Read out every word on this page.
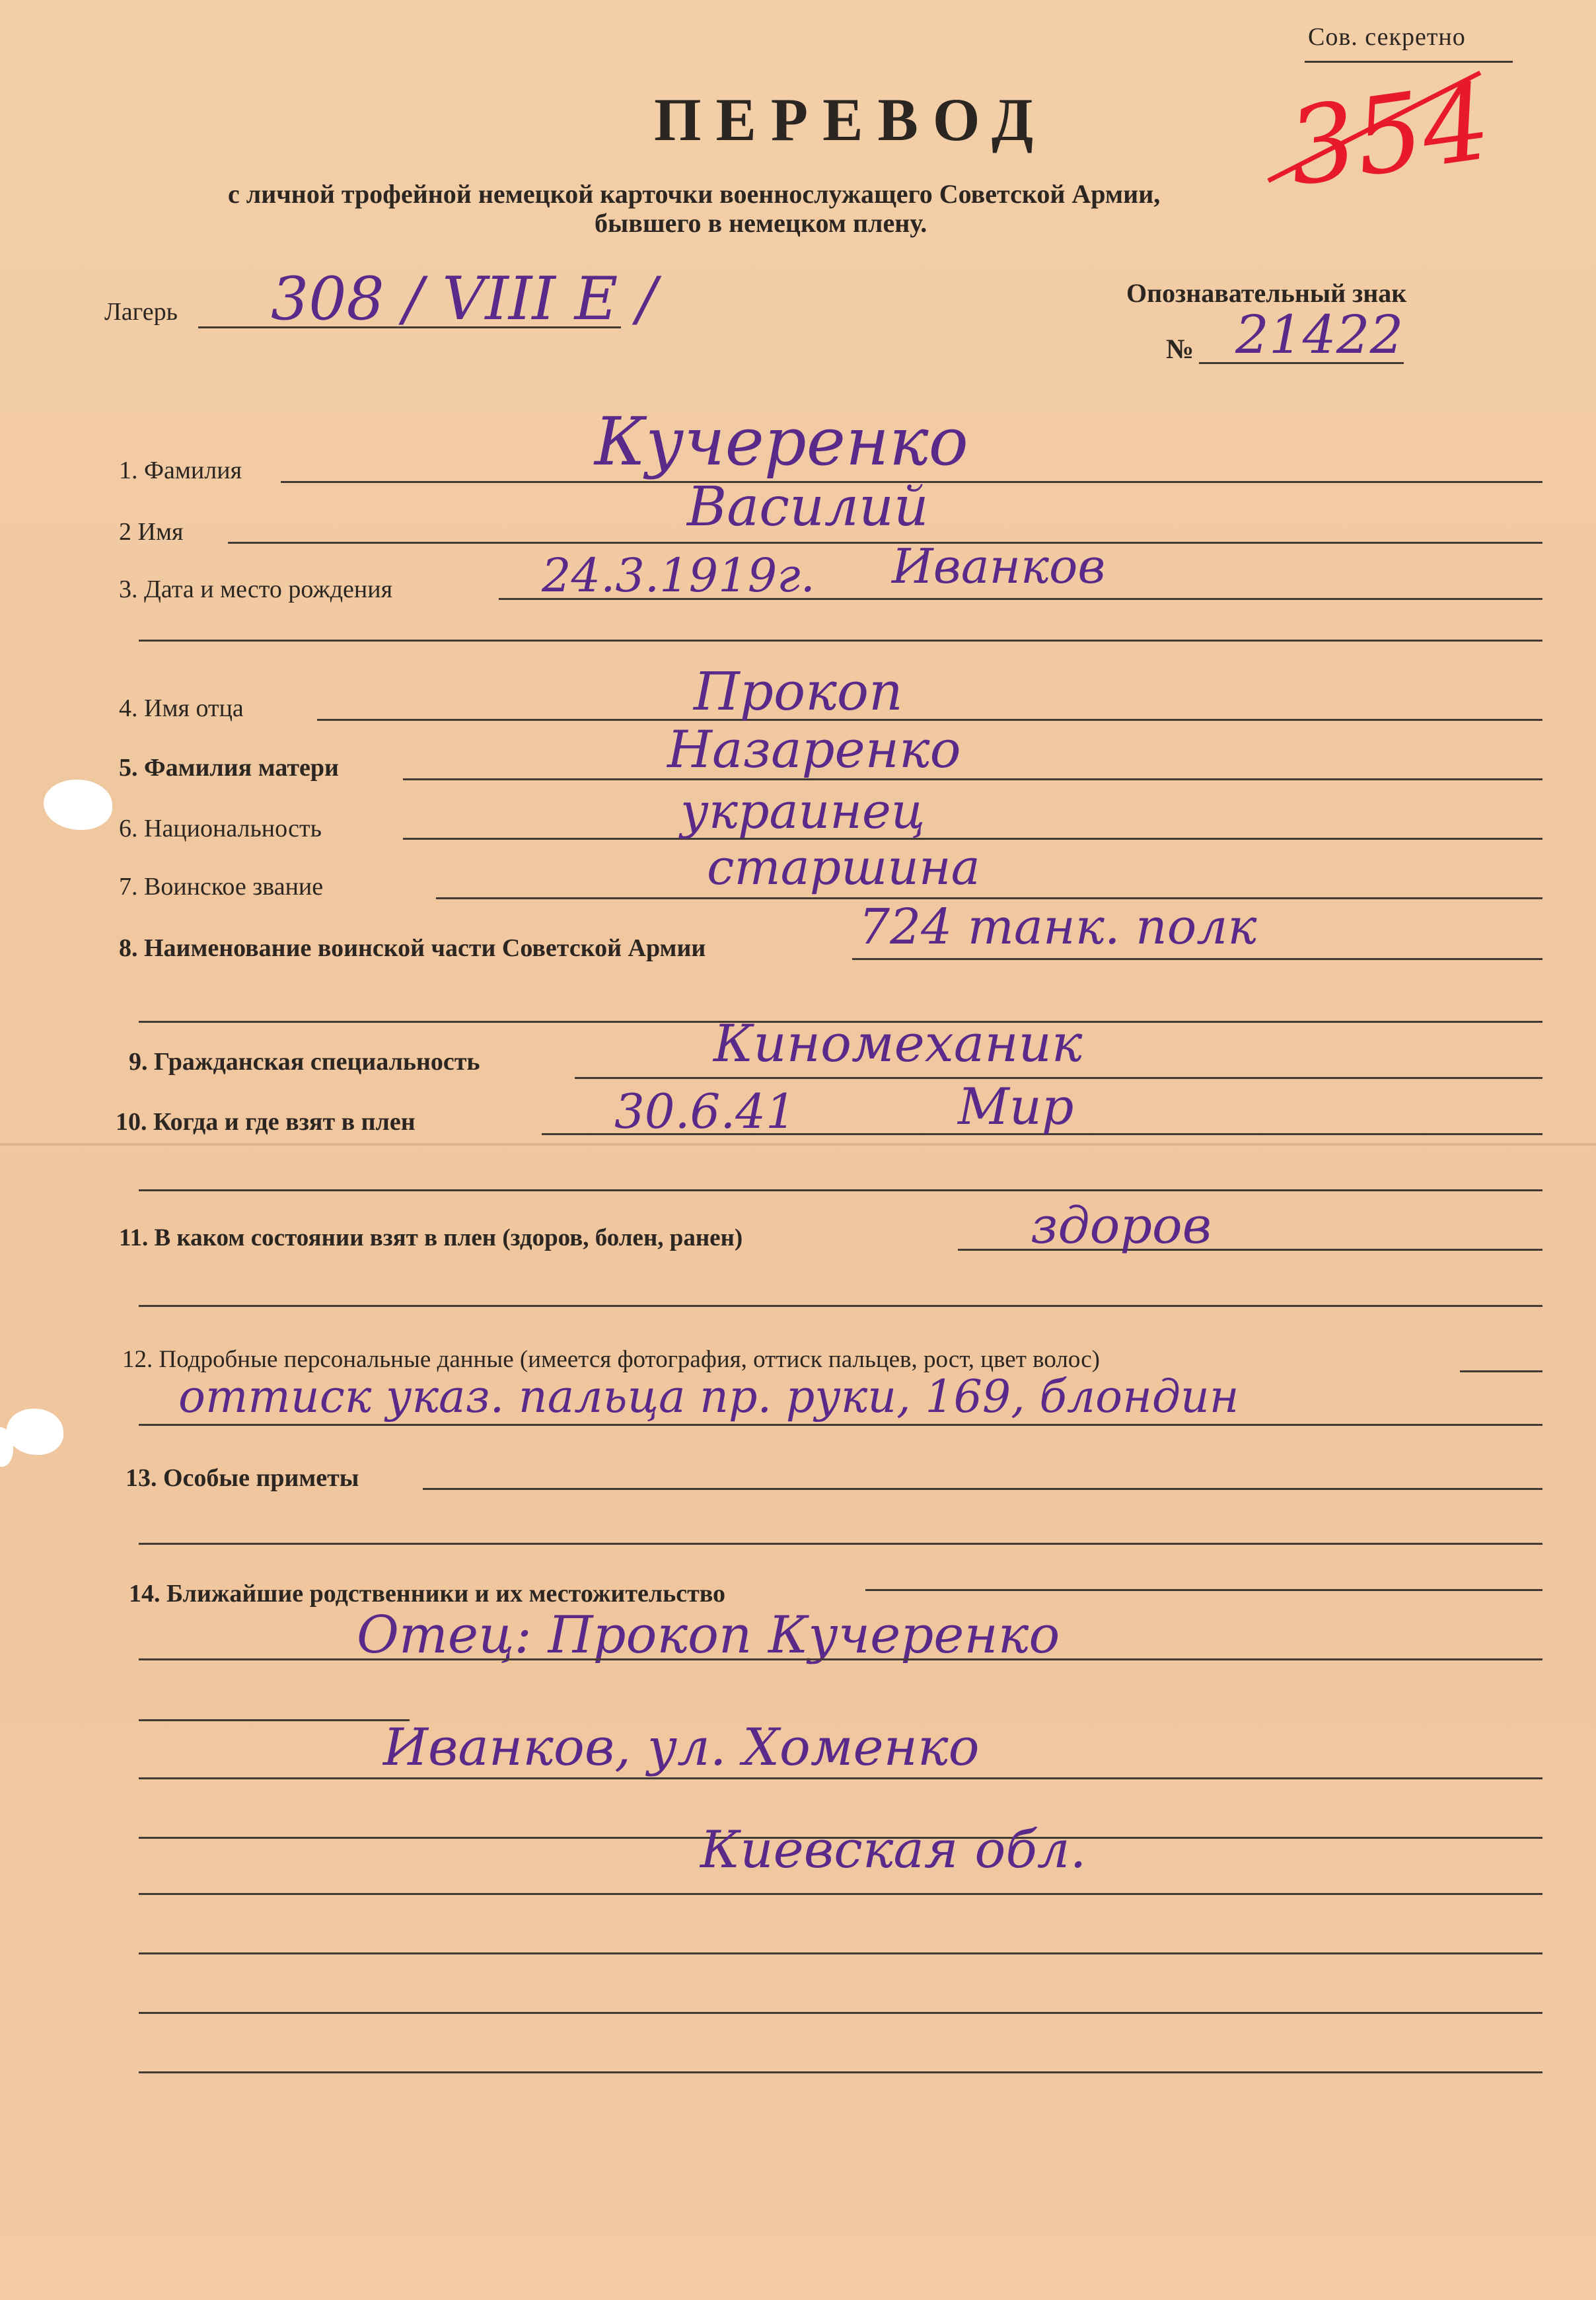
Сов. секретно
354
ПЕРЕВОД
с личной трофейной немецкой карточки военнослужащего Советской Армии,
бывшего в немецком плену.
Лагерь 308 / VIII E /	Опознавательный знак
№ 21422
1. Фамилия	Кучеренко
2 Имя	Василий
3. Дата и место рождения	24.3.1919г. Иванков
4. Имя отца	Прокоп
5. Фамилия матери	Назаренко
6. Национальность	украинец
7. Воинское звание	старшина
8. Наименование воинской части Советской Армии	724 танк. полк
9. Гражданская специальность	Киномеханик
10. Когда и где взят в плен	30.6.41	Мир
11. В каком состоянии взят в плен (здоров, болен, ранен)	здоров
12. Подробные персональные данные (имеется фотография, оттиск пальцев, рост, цвет волос)
оттиск указ. пальца пр. руки, 169, блондин
13. Особые приметы
14. Ближайшие родственники и их местожительство
Отец: Прокоп Кучеренко
Иванков, ул. Хоменко
Киевская обл.
